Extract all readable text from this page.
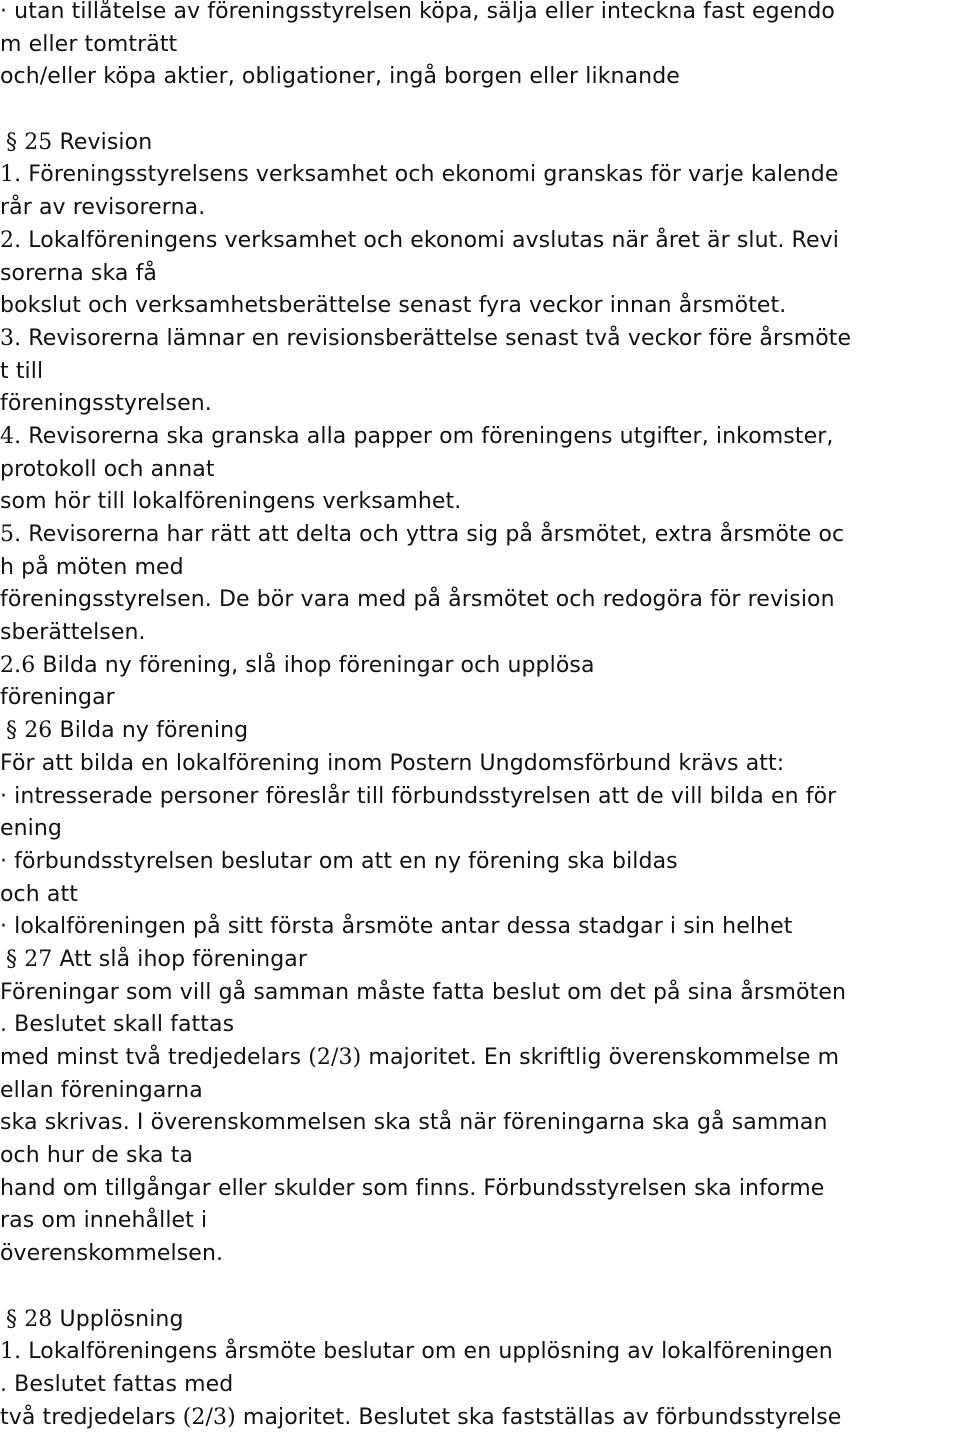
· utan tillåtelse av föreningsstyrelsen köpa, sälja eller inteckna fast egendo
m eller tomträtt
och/eller köpa aktier, obligationer, ingå borgen eller liknande
§ 25 Revision
1. Föreningsstyrelsens verksamhet och ekonomi granskas för varje kalende
rår av revisorerna.
2. Lokalföreningens verksamhet och ekonomi avslutas när året är slut. Revi
sorerna ska få
bokslut och verksamhetsberättelse senast fyra veckor innan årsmötet.
3. Revisorerna lämnar en revisionsberättelse senast två veckor före årsmöte
t till
föreningsstyrelsen.
4. Revisorerna ska granska alla papper om föreningens utgifter, inkomster,
protokoll och annat
som hör till lokalföreningens verksamhet.
5. Revisorerna har rätt att delta och yttra sig på årsmötet, extra årsmöte oc
h på möten med
föreningsstyrelsen. De bör vara med på årsmötet och redogöra för revision
sberättelsen.
2.6 Bilda ny förening, slå ihop föreningar och upplösa
föreningar
§ 26 Bilda ny förening
För att bilda en lokalförening inom Postern Ungdomsförbund krävs att:
· intresserade personer föreslår till förbundsstyrelsen att de vill bilda en för
ening
· förbundsstyrelsen beslutar om att en ny förening ska bildas
och att
· lokalföreningen på sitt första årsmöte antar dessa stadgar i sin helhet
§ 27 Att slå ihop föreningar
Föreningar som vill gå samman måste fatta beslut om det på sina årsmöten
. Beslutet skall fattas
med minst två tredjedelars (2/3) majoritet. En skriftlig överenskommelse m
ellan föreningarna
ska skrivas. I överenskommelsen ska stå när föreningarna ska gå samman
och hur de ska ta
hand om tillgångar eller skulder som finns. Förbundsstyrelsen ska informe
ras om innehållet i
överenskommelsen.
§ 28 Upplösning
1. Lokalföreningens årsmöte beslutar om en upplösning av lokalföreningen
. Beslutet fattas med
två tredjedelars (2/3) majoritet. Beslutet ska fastställas av förbundsstyrelse
